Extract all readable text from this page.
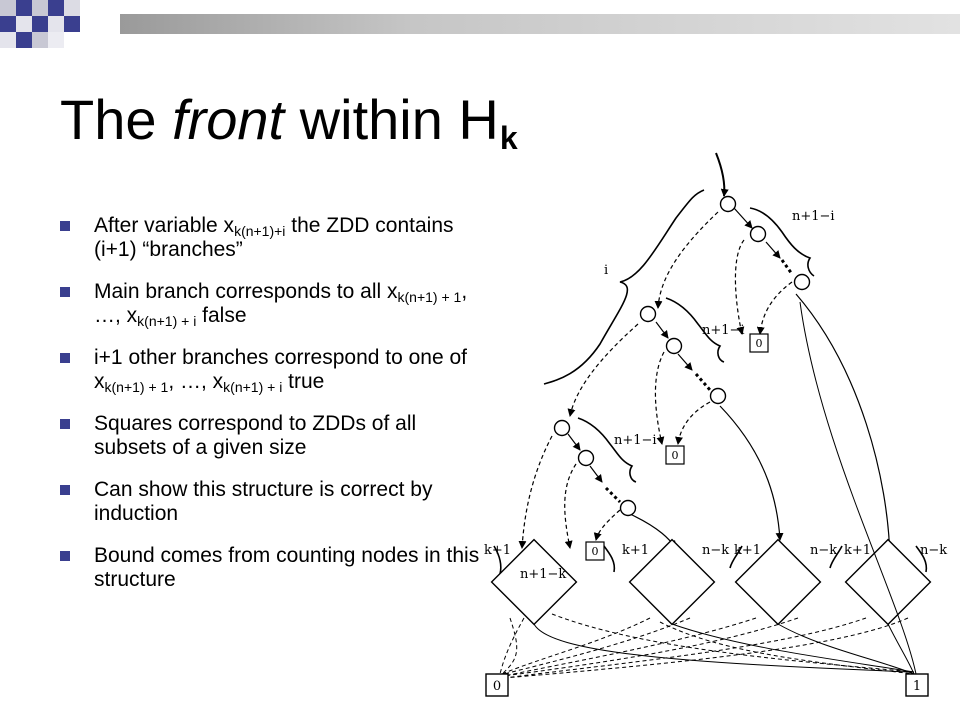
The front within $H_k$
After variable $x_{k(n+1)+i}$ the ZDD contains (i+1) “branches”
Main branch corresponds to all $x_{k(n+1) + 1}$, …, $x_{k(n+1) + i}$ false
i+1 other branches correspond to one of $x_{k(n+1) + 1}$, …, $x_{k(n+1) + i}$ true
Squares correspond to ZDDs of all subsets of a given size
Can show this structure is correct by induction
Bound comes from counting nodes in this structure
0
0
0
0	1
i
n+1−i
n+1−i
n+1−i
k+1	k+1	k+1	k+1
n−k	n−k	n−k
n+1−k
